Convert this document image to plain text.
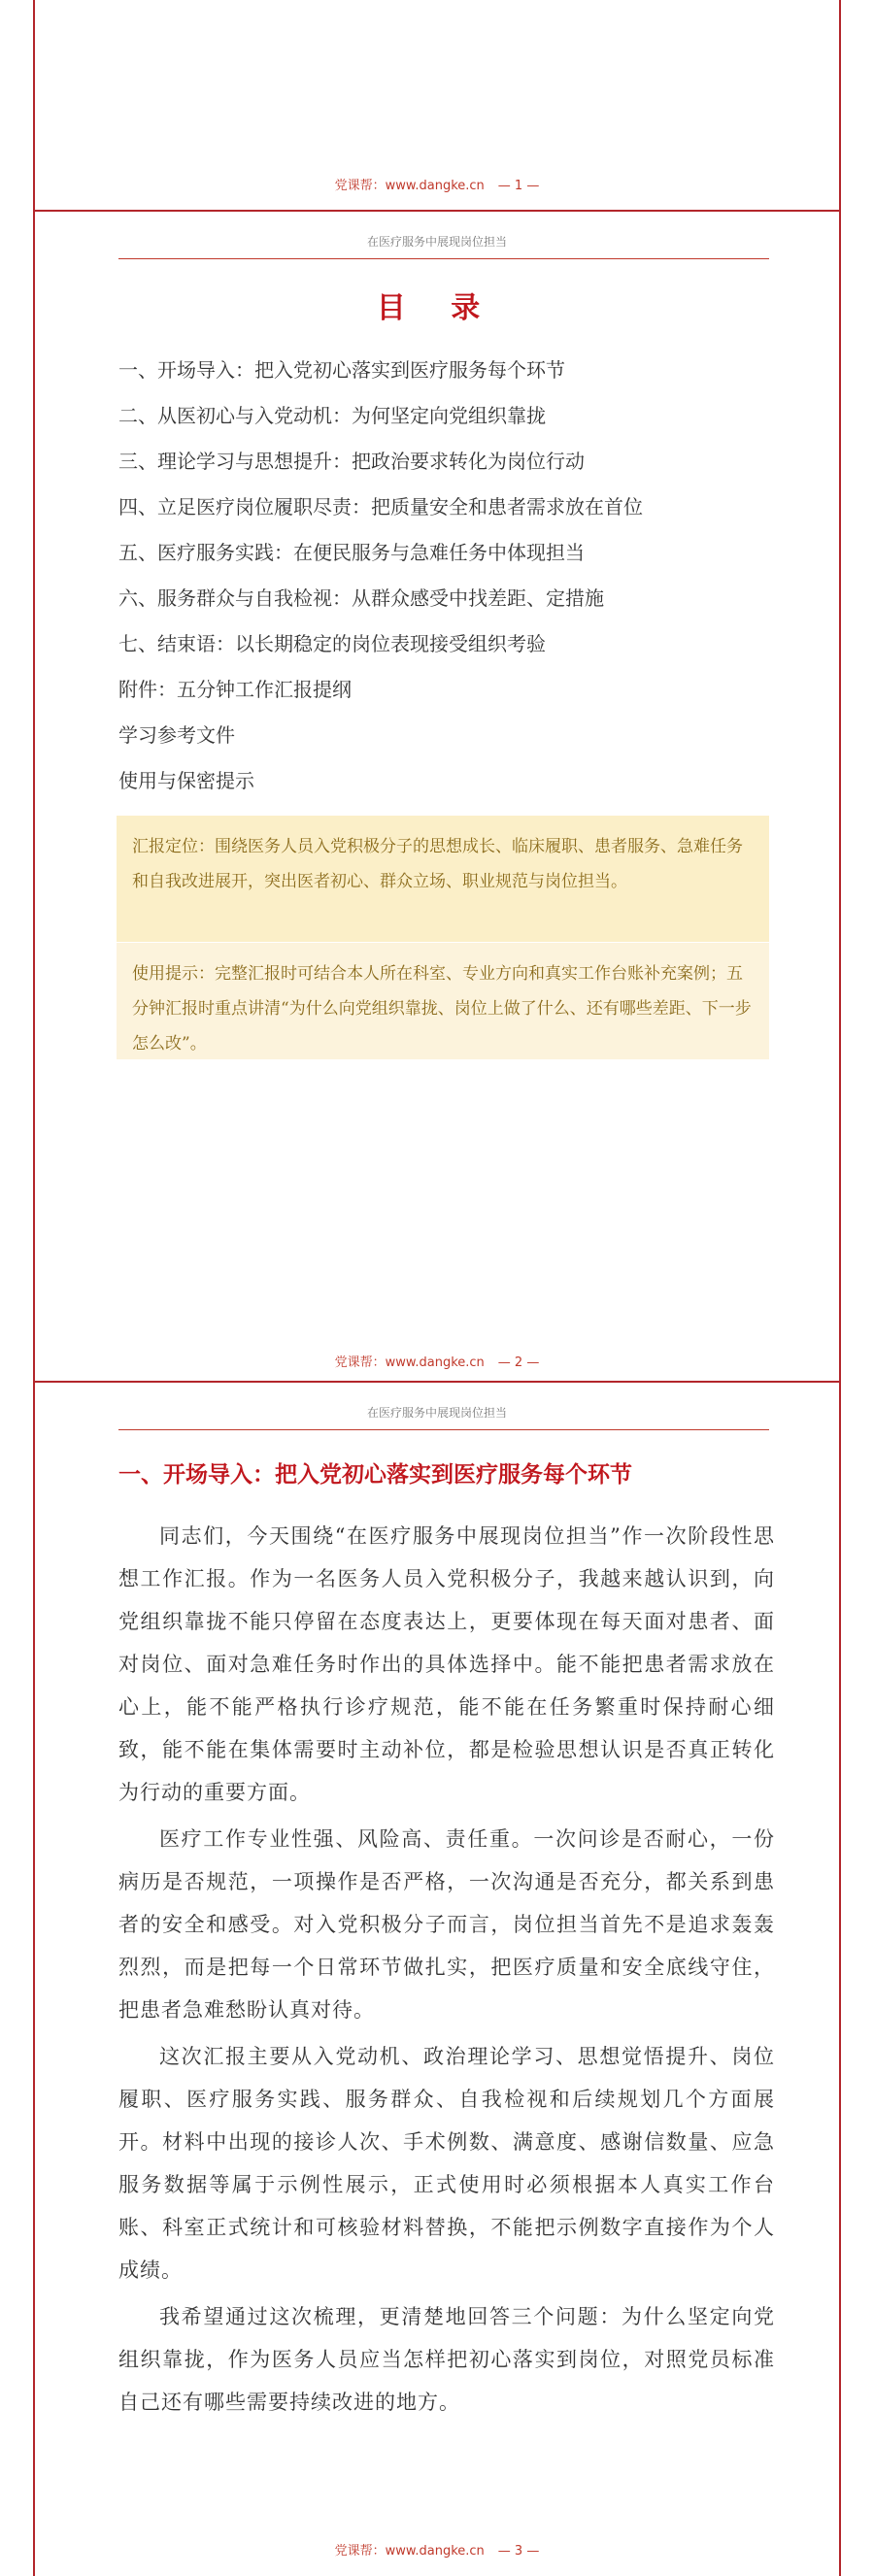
党课帮：www.dangke.cn — 1 —
在医疗服务中展现岗位担当
目 录
一、开场导入：把入党初心落实到医疗服务每个环节
二、从医初心与入党动机：为何坚定向党组织靠拢
三、理论学习与思想提升：把政治要求转化为岗位行动
四、立足医疗岗位履职尽责：把质量安全和患者需求放在首位
五、医疗服务实践：在便民服务与急难任务中体现担当
六、服务群众与自我检视：从群众感受中找差距、定措施
七、结束语：以长期稳定的岗位表现接受组织考验
附件：五分钟工作汇报提纲
学习参考文件
使用与保密提示
汇报定位：围绕医务人员入党积极分子的思想成长、临床履职、患者服务、急难任务和自我改进展开，突出医者初心、群众立场、职业规范与岗位担当。
使用提示：完整汇报时可结合本人所在科室、专业方向和真实工作台账补充案例；五分钟汇报时重点讲清“为什么向党组织靠拢、岗位上做了什么、还有哪些差距、下一步怎么改”。
党课帮：www.dangke.cn — 2 —
在医疗服务中展现岗位担当
一、开场导入：把入党初心落实到医疗服务每个环节

同志们，今天围绕“在医疗服务中展现岗位担当”作一次阶段性思想工作汇报。作为一名医务人员入党积极分子，我越来越认识到，向党组织靠拢不能只停留在态度表达上，更要体现在每天面对患者、面对岗位、面对急难任务时作出的具体选择中。能不能把患者需求放在心上，能不能严格执行诊疗规范，能不能在任务繁重时保持耐心细致，能不能在集体需要时主动补位，都是检验思想认识是否真正转化为行动的重要方面。

医疗工作专业性强、风险高、责任重。一次问诊是否耐心，一份病历是否规范，一项操作是否严格，一次沟通是否充分，都关系到患者的安全和感受。对入党积极分子而言，岗位担当首先不是追求轰轰烈烈，而是把每一个日常环节做扎实，把医疗质量和安全底线守住，把患者急难愁盼认真对待。

这次汇报主要从入党动机、政治理论学习、思想觉悟提升、岗位履职、医疗服务实践、服务群众、自我检视和后续规划几个方面展开。材料中出现的接诊人次、手术例数、满意度、感谢信数量、应急服务数据等属于示例性展示，正式使用时必须根据本人真实工作台账、科室正式统计和可核验材料替换，不能把示例数字直接作为个人成绩。

我希望通过这次梳理，更清楚地回答三个问题：为什么坚定向党组织靠拢，作为医务人员应当怎样把初心落实到岗位，对照党员标准自己还有哪些需要持续改进的地方。

党课帮：www.dangke.cn — 3 —
